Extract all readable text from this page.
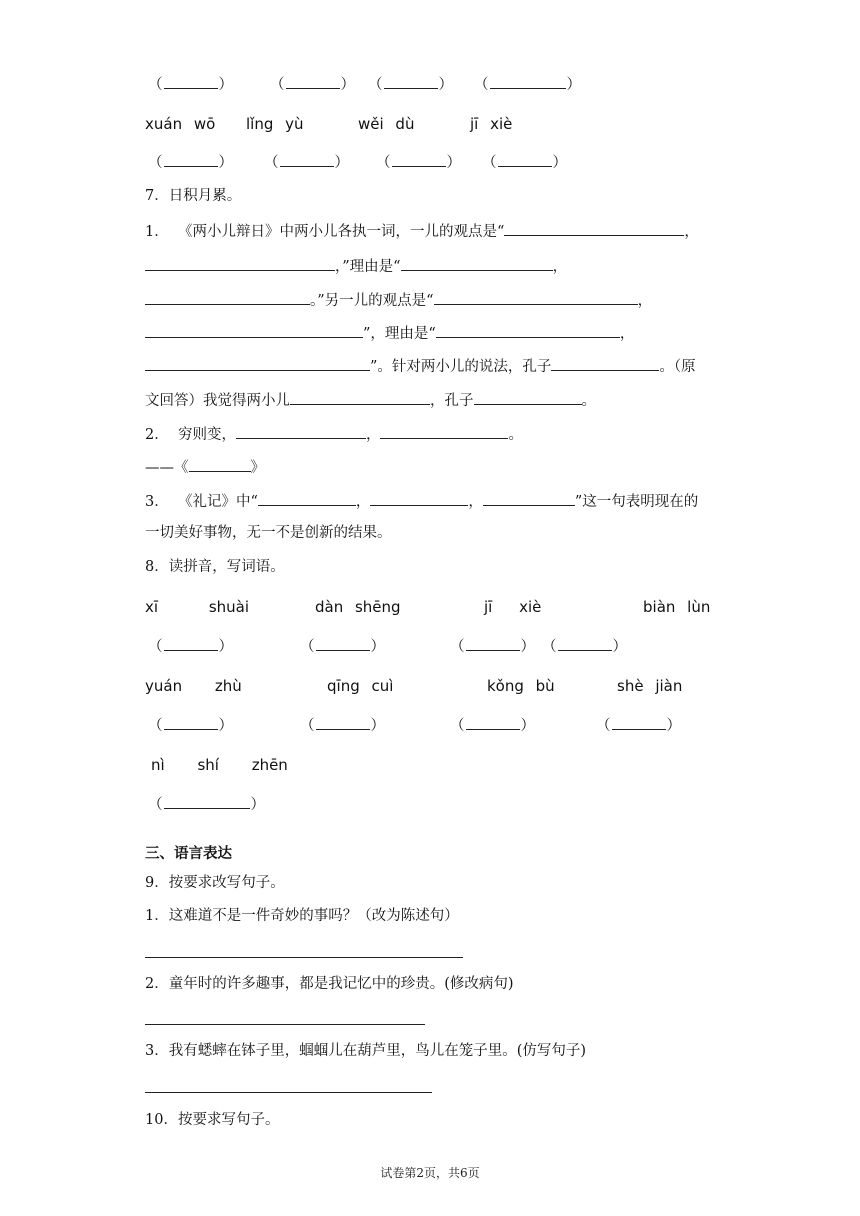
（	）	（	） （	） （	）
xuán wō lǐng yù	wěi dù	jī xiè
（	） （	） （	） （	）
7．日积月累。
1． 《两小儿辩日》中两小儿各执一词，一儿的观点是“	，
，”理由是“	，
。”另一儿的观点是“	，
”，理由是“	，
”。针对两小儿的说法，孔子	。（原
文回答）我觉得两小儿	，孔子	。
2． 穷则变，	，	。
——《	》
3． 《礼记》中“	，	，	”这一句表明现在的
一切美好事物，无一不是创新的结果。
8．读拼音，写词语。
xī shuài	dàn shēng	jī xiè	biàn lùn
（	）	（	）	（	） （	）
yuán zhù	qīng cuì	kǒng bù	shè jiàn
（	）	（	）	（	）	（	）
nì shí zhēn
（	）
三、语言表达
9．按要求改写句子。
1．这难道不是一件奇妙的事吗？（改为陈述句）
2．童年时的许多趣事，都是我记忆中的珍贵。(修改病句)
3．我有蟋蟀在钵子里，蝈蝈儿在葫芦里，鸟儿在笼子里。(仿写句子)
10．按要求写句子。
试卷第2页，共6页
